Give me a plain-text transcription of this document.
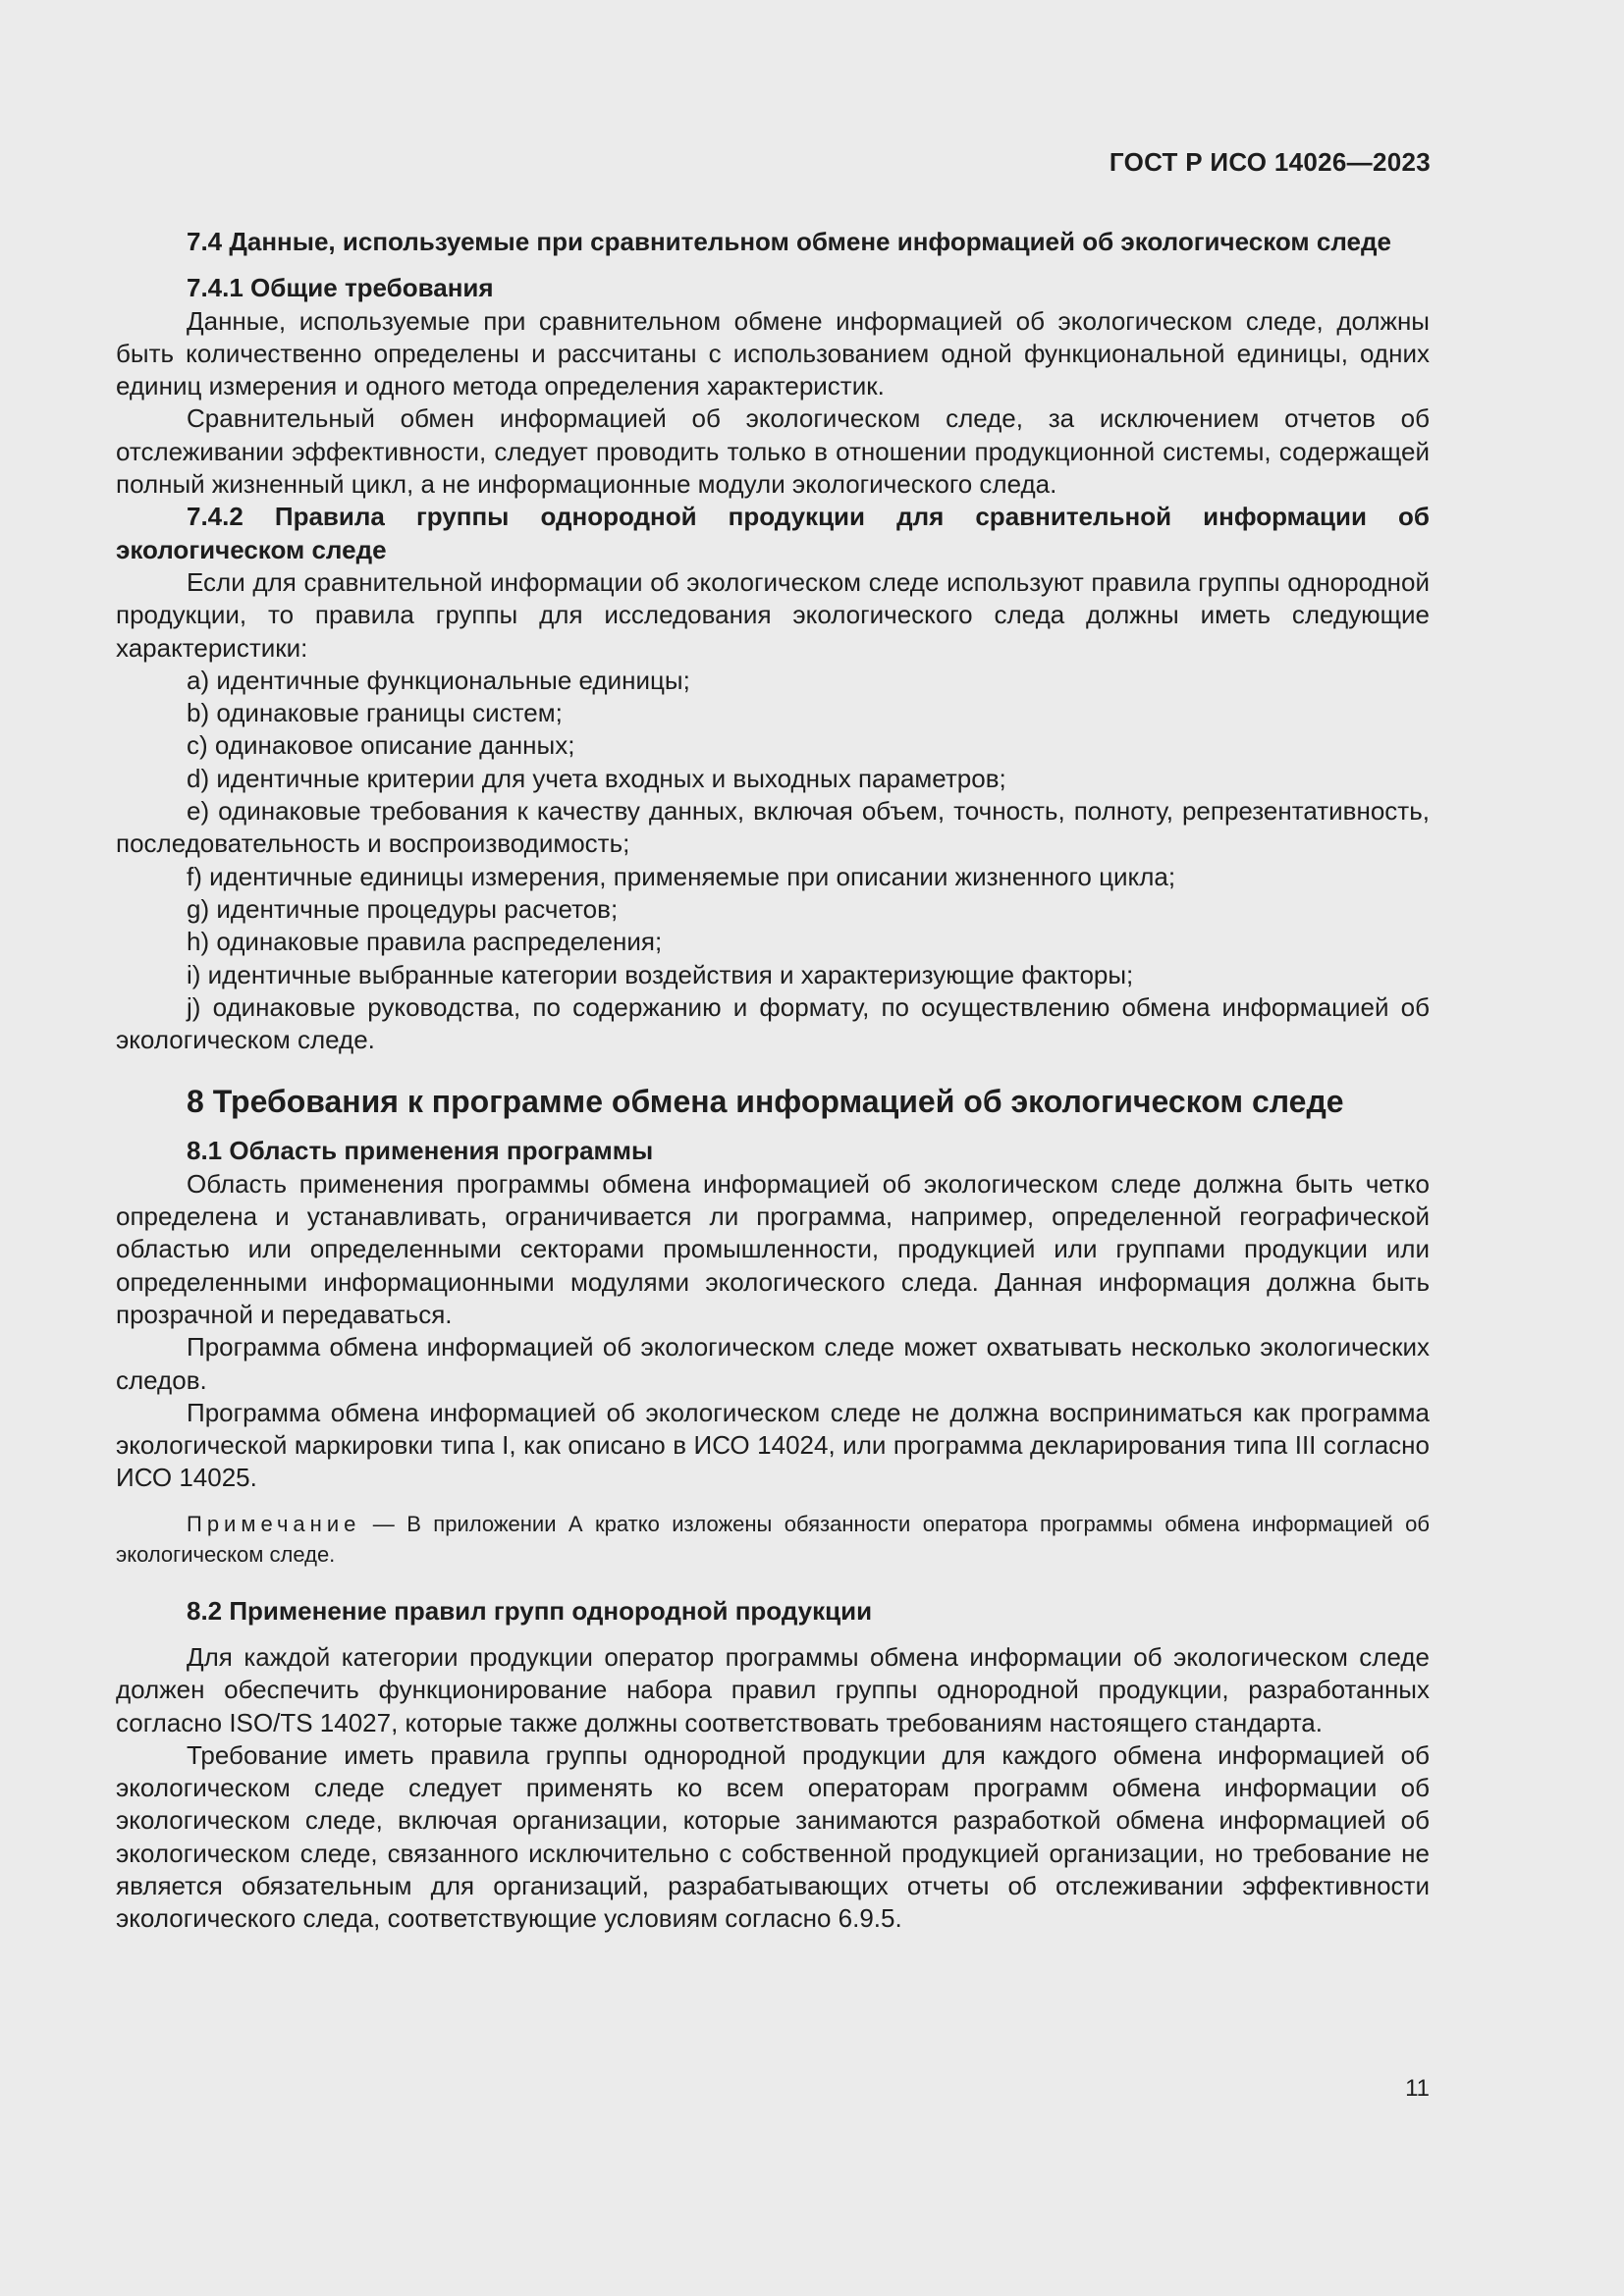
ГОСТ Р ИСО 14026—2023

7.4 Данные, используемые при сравнительном обмене информацией об экологическом следе

7.4.1 Общие требования

Данные, используемые при сравнительном обмене информацией об экологическом следе, должны быть количественно определены и рассчитаны с использованием одной функциональной единицы, одних единиц измерения и одного метода определения характеристик.

Сравнительный обмен информацией об экологическом следе, за исключением отчетов об отслеживании эффективности, следует проводить только в отношении продукционной системы, содержащей полный жизненный цикл, а не информационные модули экологического следа.

7.4.2 Правила группы однородной продукции для сравнительной информации об экологическом следе

Если для сравнительной информации об экологическом следе используют правила группы однородной продукции, то правила группы для исследования экологического следа должны иметь следующие характеристики:

a) идентичные функциональные единицы;

b) одинаковые границы систем;

c) одинаковое описание данных;

d) идентичные критерии для учета входных и выходных параметров;

e) одинаковые требования к качеству данных, включая объем, точность, полноту, репрезентативность, последовательность и воспроизводимость;

f) идентичные единицы измерения, применяемые при описании жизненного цикла;

g) идентичные процедуры расчетов;

h) одинаковые правила распределения;

i) идентичные выбранные категории воздействия и характеризующие факторы;

j) одинаковые руководства, по содержанию и формату, по осуществлению обмена информацией об экологическом следе.

8 Требования к программе обмена информацией об экологическом следе

8.1 Область применения программы

Область применения программы обмена информацией об экологическом следе должна быть четко определена и устанавливать, ограничивается ли программа, например, определенной географической областью или определенными секторами промышленности, продукцией или группами продукции или определенными информационными модулями экологического следа. Данная информация должна быть прозрачной и передаваться.

Программа обмена информацией об экологическом следе может охватывать несколько экологических следов.

Программа обмена информацией об экологическом следе не должна восприниматься как программа экологической маркировки типа I, как описано в ИСО 14024, или программа декларирования типа III согласно ИСО 14025.

Примечание — В приложении А кратко изложены обязанности оператора программы обмена информацией об экологическом следе.

8.2 Применение правил групп однородной продукции

Для каждой категории продукции оператор программы обмена информации об экологическом следе должен обеспечить функционирование набора правил группы однородной продукции, разработанных согласно ISO/TS 14027, которые также должны соответствовать требованиям настоящего стандарта.

Требование иметь правила группы однородной продукции для каждого обмена информацией об экологическом следе следует применять ко всем операторам программ обмена информации об экологическом следе, включая организации, которые занимаются разработкой обмена информацией об экологическом следе, связанного исключительно с собственной продукцией организации, но требование не является обязательным для организаций, разрабатывающих отчеты об отслеживании эффективности экологического следа, соответствующие условиям согласно 6.9.5.

11
